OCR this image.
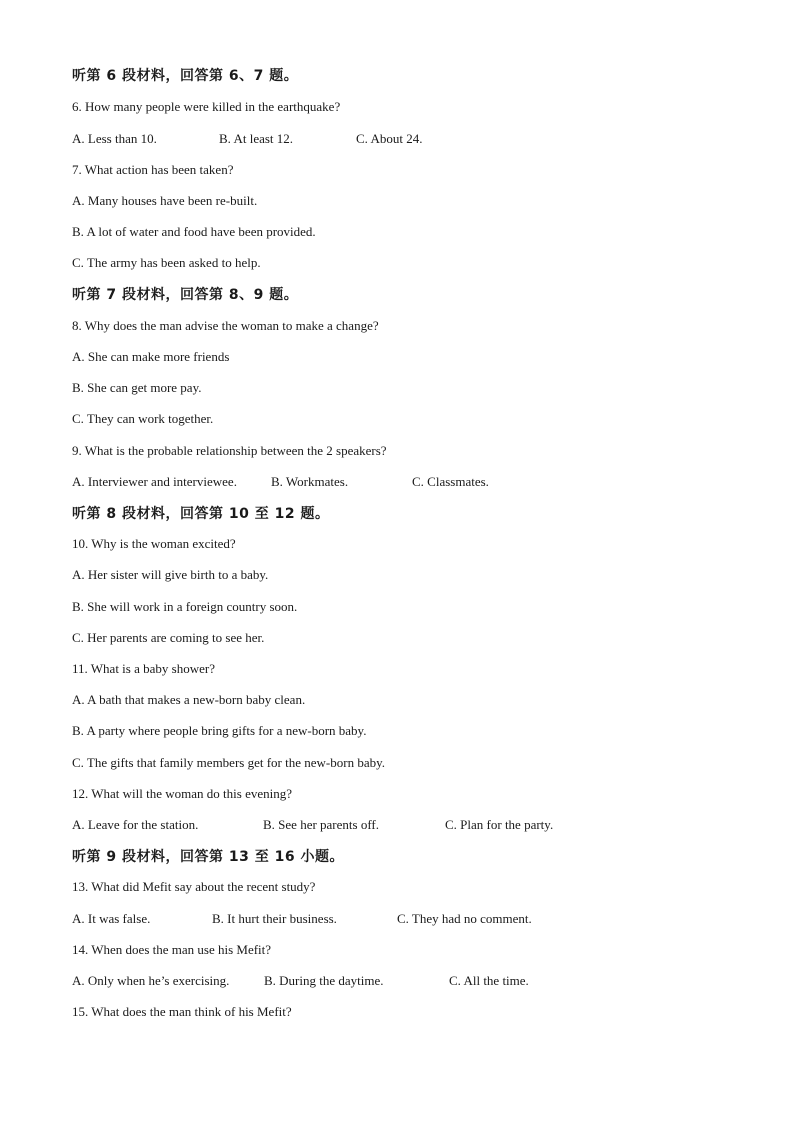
听第 6 段材料，回答第 6、7 题。
6. How many people were killed in the earthquake?
A. Less than 10.	B. At least 12.	C. About 24.
7. What action has been taken?
A. Many houses have been re-built.
B. A lot of water and food have been provided.
C. The army has been asked to help.
听第 7 段材料，回答第 8、9 题。
8. Why does the man advise the woman to make a change?
A. She can make more friends
B. She can get more pay.
C. They can work together.
9. What is the probable relationship between the 2 speakers?
A. Interviewer and interviewee.	B. Workmates.	C. Classmates.
听第 8 段材料，回答第 10 至 12 题。
10. Why is the woman excited?
A. Her sister will give birth to a baby.
B. She will work in a foreign country soon.
C. Her parents are coming to see her.
11. What is a baby shower?
A. A bath that makes a new-born baby clean.
B. A party where people bring gifts for a new-born baby.
C. The gifts that family members get for the new-born baby.
12. What will the woman do this evening?
A. Leave for the station.	B. See her parents off.	C. Plan for the party.
听第 9 段材料，回答第 13 至 16 小题。
13. What did Mefit say about the recent study?
A. It was false.	B. It hurt their business.	C. They had no comment.
14. When does the man use his Mefit?
A. Only when he’s exercising.	B. During the daytime.	C. All the time.
15. What does the man think of his Mefit?
